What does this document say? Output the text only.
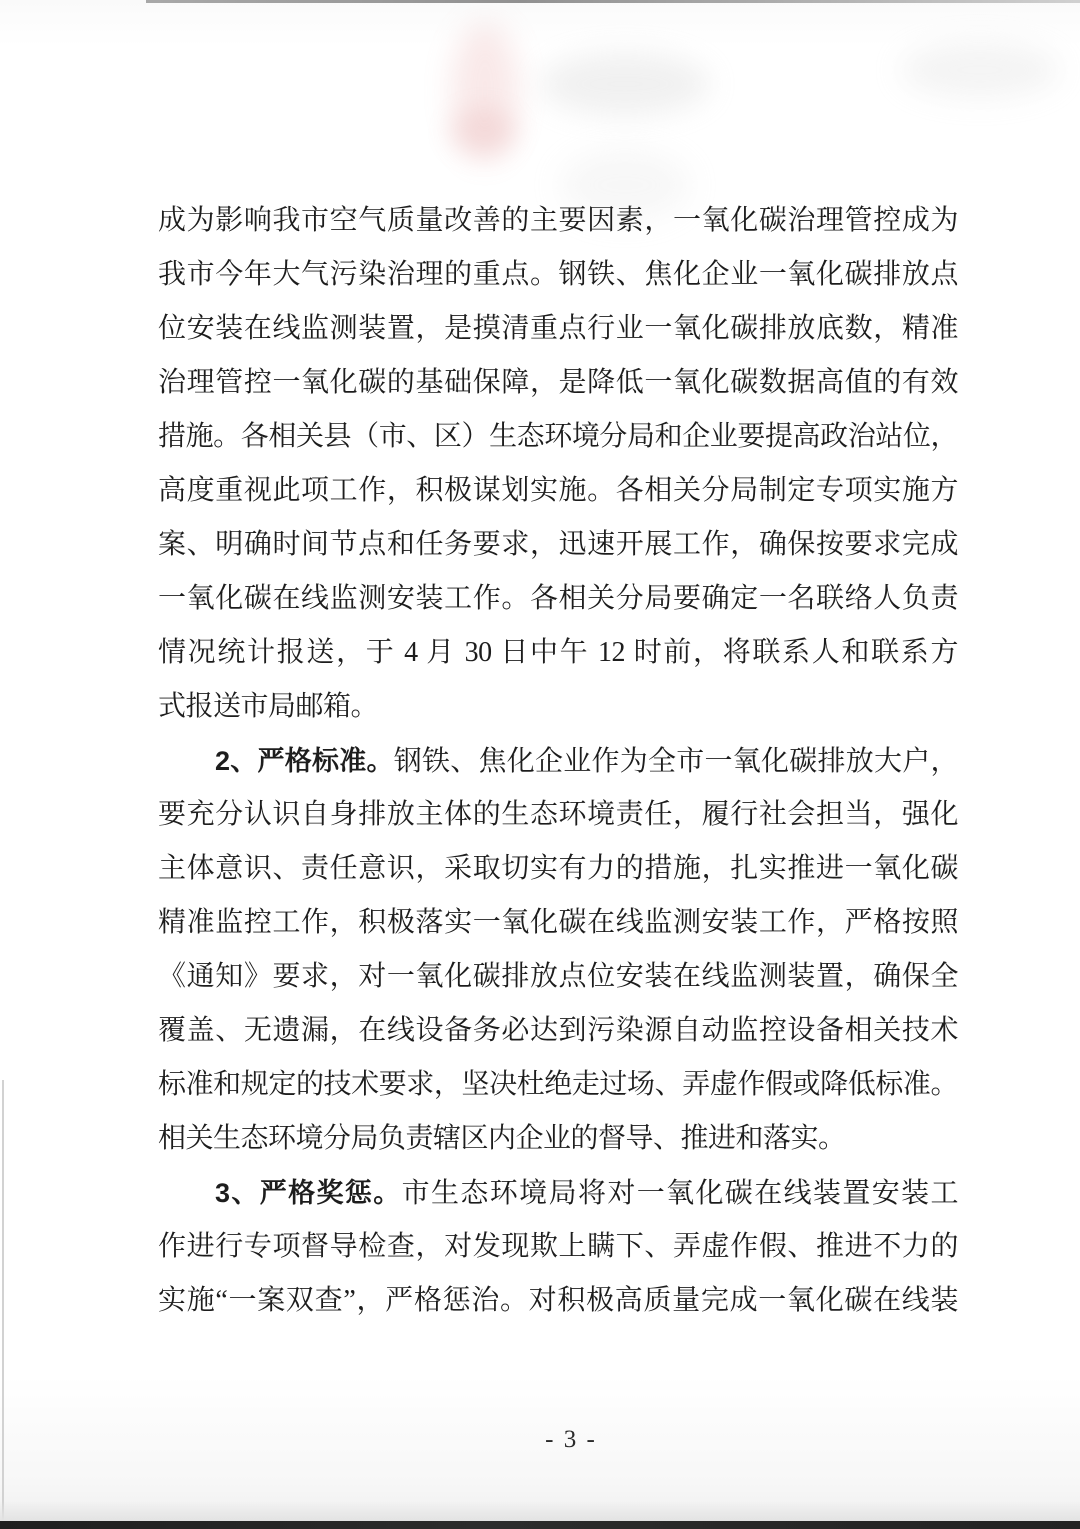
成为影响我市空气质量改善的主要因素，一氧化碳治理管控成为
我市今年大气污染治理的重点。钢铁、焦化企业一氧化碳排放点
位安装在线监测装置，是摸清重点行业一氧化碳排放底数，精准
治理管控一氧化碳的基础保障，是降低一氧化碳数据高值的有效
措施。各相关县（市、区）生态环境分局和企业要提高政治站位，
高度重视此项工作，积极谋划实施。各相关分局制定专项实施方
案、明确时间节点和任务要求，迅速开展工作，确保按要求完成
一氧化碳在线监测安装工作。各相关分局要确定一名联络人负责
情况统计报送，于 4 月 30 日中午 12 时前，将联系人和联系方
式报送市局邮箱。
2、严格标准。钢铁、焦化企业作为全市一氧化碳排放大户，
要充分认识自身排放主体的生态环境责任，履行社会担当，强化
主体意识、责任意识，采取切实有力的措施，扎实推进一氧化碳
精准监控工作，积极落实一氧化碳在线监测安装工作，严格按照
《通知》要求，对一氧化碳排放点位安装在线监测装置，确保全
覆盖、无遗漏，在线设备务必达到污染源自动监控设备相关技术
标准和规定的技术要求，坚决杜绝走过场、弄虚作假或降低标准。
相关生态环境分局负责辖区内企业的督导、推进和落实。
3、严格奖惩。市生态环境局将对一氧化碳在线装置安装工
作进行专项督导检查，对发现欺上瞒下、弄虚作假、推进不力的
实施“一案双查”，严格惩治。对积极高质量完成一氧化碳在线装
- 3 -
